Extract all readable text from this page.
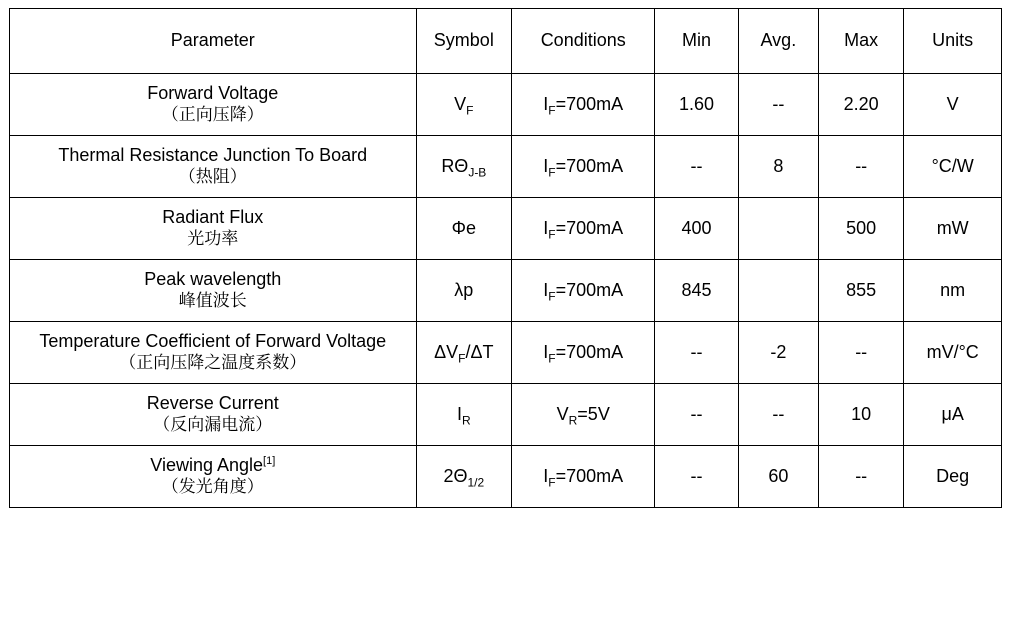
Parameter	Symbol	Conditions	Min	Avg.	Max	Units

Forward Voltage
（正向压降）	$V_F$	$I_F=700mA$	1.60	--	2.20	V

Thermal Resistance Junction To Board
（热阻）	$R\Theta_{J-B}$	$I_F=700mA$	--	8	--	°C/W

Radiant Flux
光功率	Φe	$I_F=700mA$	400		500	mW

Peak wavelength
峰值波长	λp	$I_F=700mA$	845		855	nm

Temperature Coefficient of Forward Voltage
（正向压降之温度系数）	$\Delta V_F/\Delta T$	$I_F=700mA$	--	-2	--	mV/°C

Reverse Current
（反向漏电流）	$I_R$	$V_R=5V$	--	--	10	μA

Viewing Angle[1]
（发光角度）	$2\Theta_{1/2}$	$I_F=700mA$	--	60	--	Deg
